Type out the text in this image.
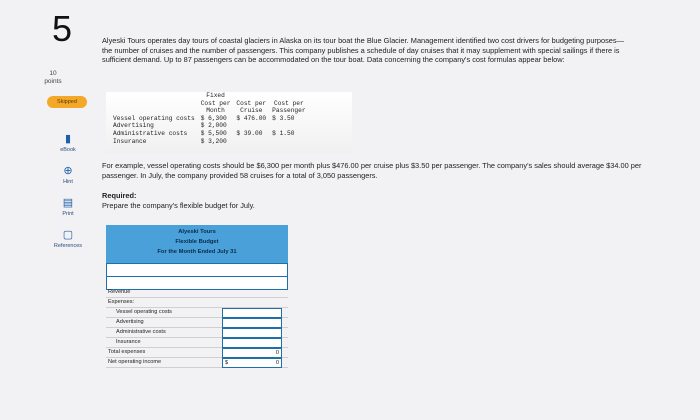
5
10
points
Skipped
▮
eBook
⊕
Hint
▤
Print
▢
References
Alyeski Tours operates day tours of coastal glaciers in Alaska on its tour boat the Blue Glacier. Management identified two cost drivers for budgeting purposes—the number of cruises and the number of passengers. This company publishes a schedule of day cruises that it may supplement with special sailings if there is sufficient demand. Up to 87 passengers can be accommodated on the tour boat. Data concerning the company's cost formulas appear below:
	Fixed		
	Cost per	Cost per	Cost per
	Month	Cruise	Passenger
Vessel operating costs	$ 6,300	$ 476.00	$ 3.50
Advertising	$ 2,000		
Administrative costs	$ 5,500	$ 39.00	$ 1.50
Insurance	$ 3,200		
For example, vessel operating costs should be $6,300 per month plus $476.00 per cruise plus $3.50 per passenger. The company's sales should average $34.00 per passenger. In July, the company provided 58 cruises for a total of 3,050 passengers.
Required:
Prepare the company's flexible budget for July.
Alyeski Tours
Flexible Budget
For the Month Ended July 31
Revenue
Expenses:
Vessel operating costs
Advertising
Administrative costs
Insurance
Total expenses	0
Net operating income	$	0
